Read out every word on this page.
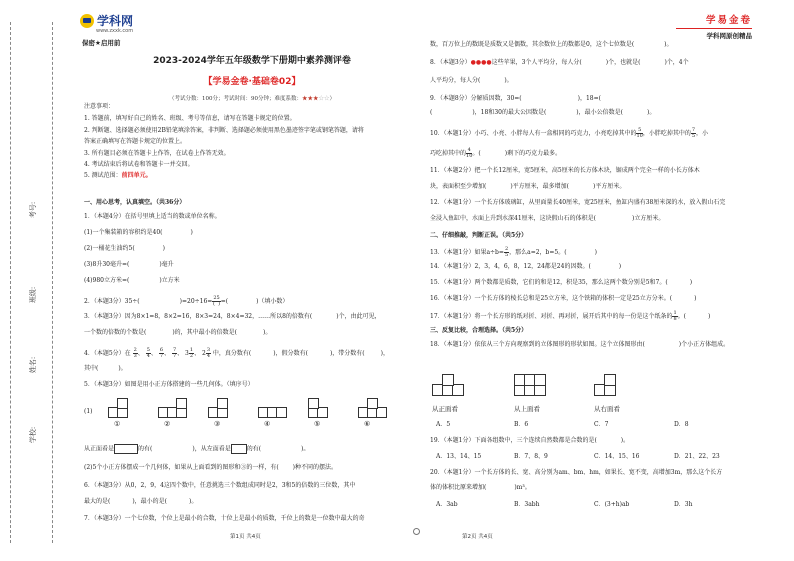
考号:
班级:
姓名:
学校:
学科网
www.zxxk.com
保密★启用前
学易金卷
学科网原创精品
2023-2024学年五年级数学下册期中素养测评卷
【学易金卷·基础卷02】
（考试分数：100分；考试时间：90分钟；难度系数：★★★☆☆）
注意事项：
1. 答题前，填写好自己的姓名、班级、考号等信息，请写在答题卡规定的位置。
2. 判断题、选择题必须使用2B铅笔填涂答案，非判断、选择题必须使用黑色墨迹签字笔或钢笔答题，请将
答案正确填写在答题卡规定的位置上。
3. 所有题目必须在答题卡上作答，在试卷上作答无效。
4. 考试结束后将试卷和答题卡一并交回。
5. 测试范围：前四单元。
一、用心思考，认真填空。（共36分）
1．（本题4分）在括号里填上适当的数或单位名称。
(1)一个集装箱的容积约是40(	)
(2)一桶花生油约5(	)
(3)8升30毫升=(	)毫升
(4)980立方米=(	)立方米
2．（本题3分）35÷(	)$=20\div 16= \frac{25}{( )}$ =(	)（填小数）
3．（本题3分）因为8×1=8，8×2=16，8×3=24，8×4=32，……所以8的倍数有(	)个，由此可见，
一个数的倍数的个数是(	)的，其中最小的倍数是(	)。
4．（本题5分）在 $\frac{2}{3}$ 、 $\frac{5}{4}$ 、 $\frac{6}{7}$ 、 $\frac{7}{7}$ 、 $3 \frac{1}{2}$ 、 $2 \frac{3}{4}$ 中，真分数有(	)，假分数有(	)，带分数有(	)，
其中(	)。
5．（本题3分）如图是用小正方体搭建的一些几何体。（填序号）
(1)
①	②	③	④	⑤	⑥
从正面看是	的有(	)，从左面看是	的有(	)。
(2)5个小正方体摆成一个几何体，如果从上面看到的图形和③的一样，有( )种不同的摆法。
6．（本题3分）从0，2，9，4这四个数中，任意挑选三个数组成同时是2，3和5的倍数的三位数，其中
最大的是(	)，最小的是(	)。
7．（本题3分）一个七位数，个位上是最小的合数，十位上是最小的质数，千位上的数是一位数中最大的奇
第1页 共4页
数，百万位上的数既是质数又是偶数，其余数位上的数都是0，这个七位数是(	)。
8．（本题3分）●●●●这些苹果，3个人平均分，每人分(	)个，也就是(	)个，4个
人平均分，每人分(	)。
9．（本题8分）分解质因数，30=(	)，18=(
(	)，18和30的最大公因数是(	)，最小公倍数是(	)。
10．（本题1分）小巧、小亮、小胖每人有一盒相同的巧克力，小亮吃掉其中的 $\frac{5}{10}$ ，小胖吃掉其中的 $\frac{7}{5}$ ，小
巧吃掉其中的 $\frac{4}{10}$ 。(	)剩下的巧克力最多。
11．（本题2分）把一个长12厘米，宽5厘米，高5厘米的长方体木块，锯成两个完全一样的小长方体木
块，表面积至少增加(	)平方厘米，最多增加(	)平方厘米。
12．（本题1分）一个长方体玻璃缸，从里面量长40厘米，宽25厘米，鱼缸内盛有38厘米深的水，放入假山石完
全浸入鱼缸中，水面上升到水深41厘米，这块假山石的体积是(	)立方厘米。
二、仔细推敲，判断正误。（共5分）
13．（本题1分）如果$a\div b= \frac{2}{5}$ ，那么a=2，b=5。(	)
14．（本题1分）2，3，4，6，8，12，24都是24的因数。(	)
15．（本题1分）两个数都是质数，它们的和是12，积是35，那么这两个数分别是5和7。(	)
16．（本题1分）一个长方体的棱长总和是25立方米，这个铁箱的体积一定是25立方分米。(	)
17．（本题1分）将一个长方形的纸对折、对折、再对折，展开后其中的每一份是这个纸条的 $\frac{1}{8}$ 。(	)
三、反复比较，合理选择。（共5分）
18．（本题1分）依依从三个方向观察到的立体图形的形状如图。这个立体图形由(	)个小正方体组成。
从正面看	从上面看	从右面看
A．5	B．6	C．7	D．8
19．（本题1分）下面各组数中，三个连续自然数都是合数的是(	)。
A．13、14、15	B．7、8、9	C．14、15、16	D．21、22、23
20．（本题1分）一个长方体的长、宽、高分别为am、bm、hm，如果长、宽不变，高增加3m，那么这个长方
体的体积比原来增加(	)m³。
A．3ab	B．3abh	C．(3+h)ab	D．3h
第2页 共4页
